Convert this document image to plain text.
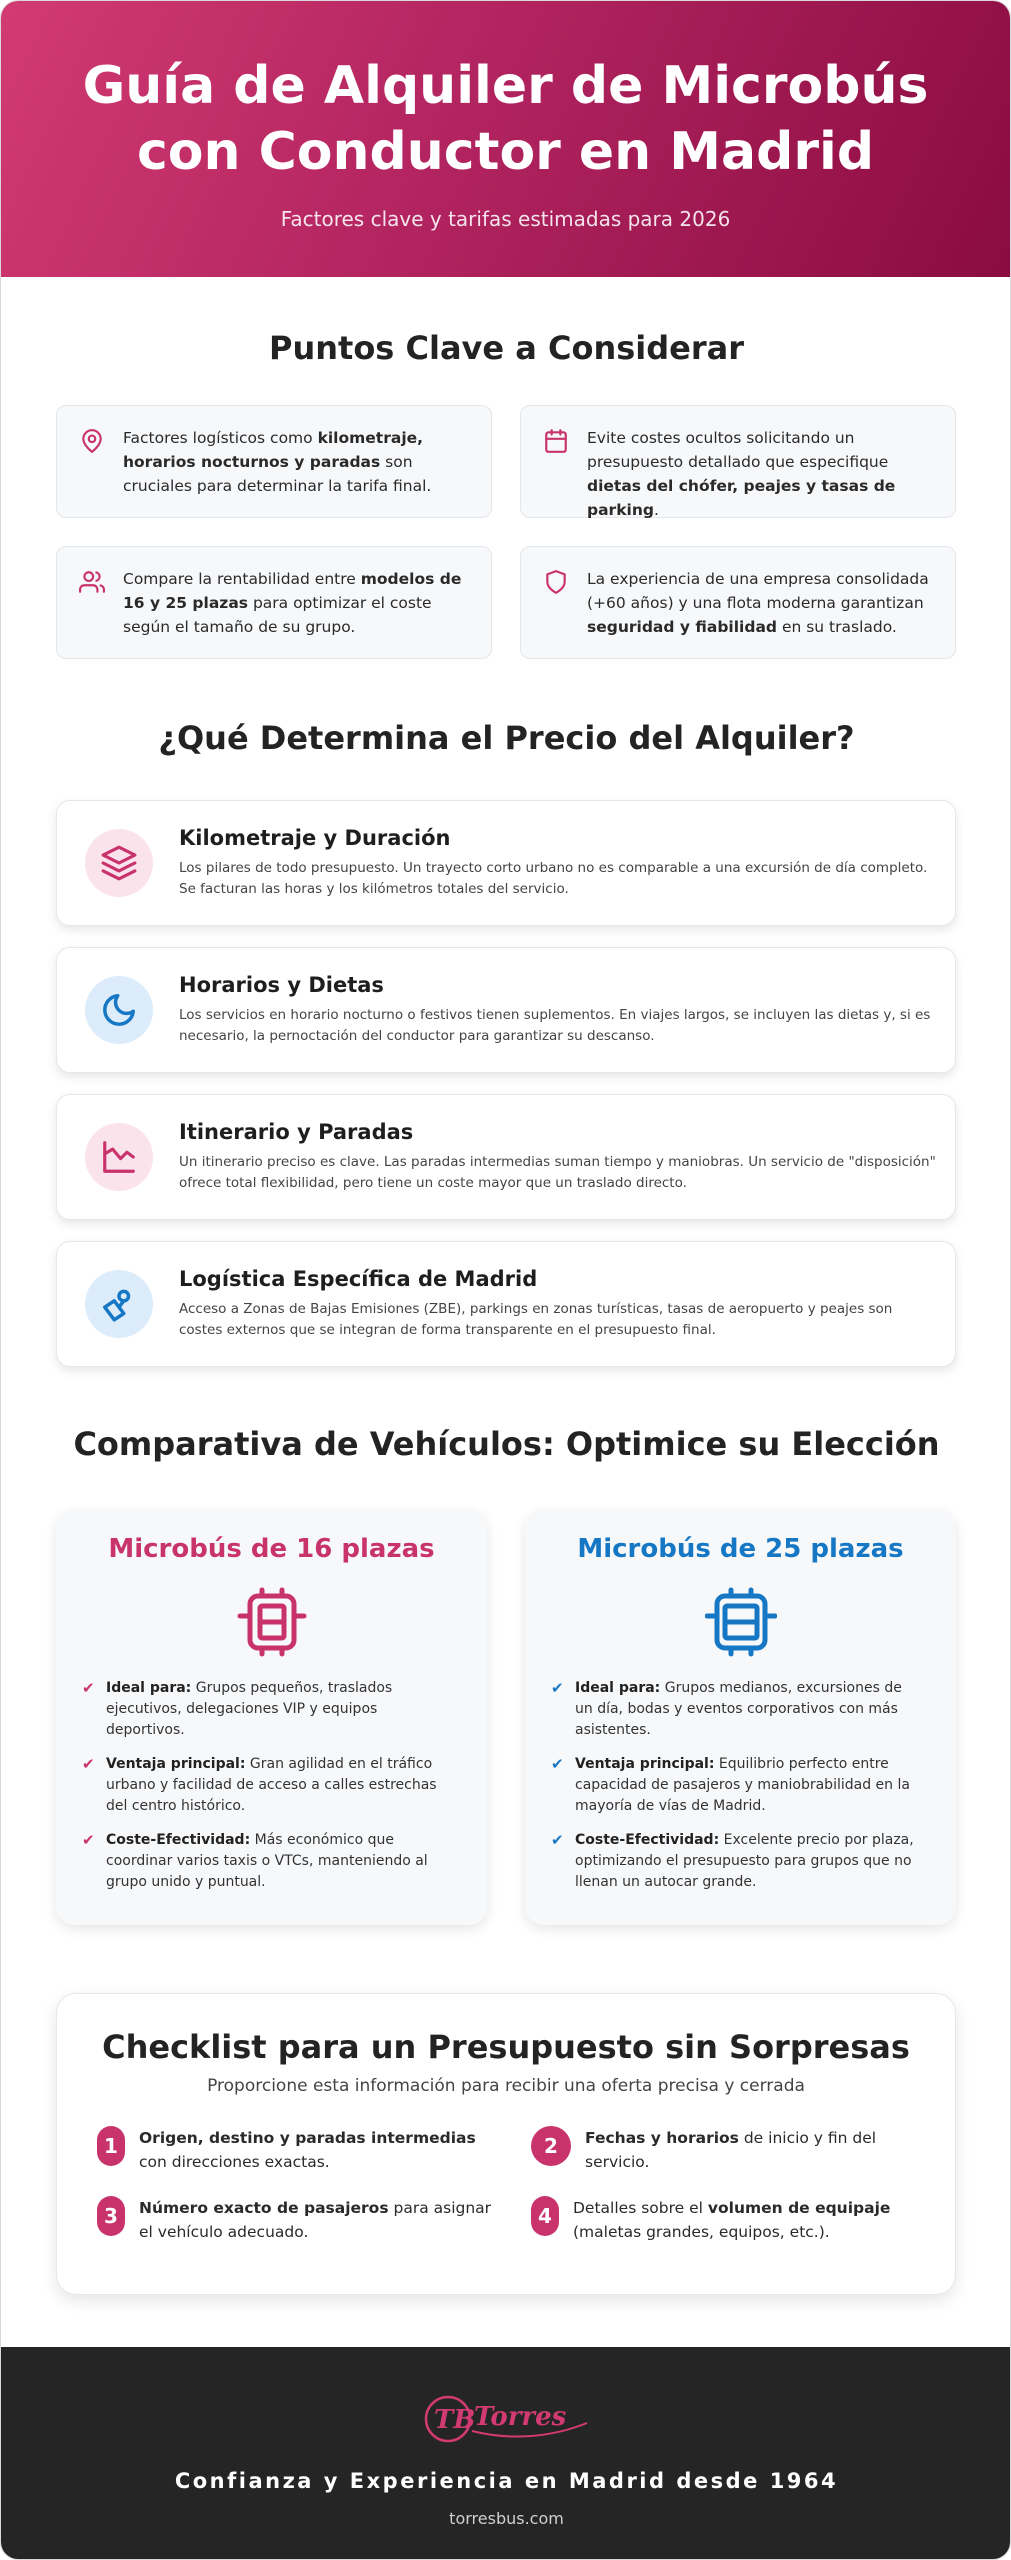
Guía de Alquiler de Microbús con Conductor en Madrid

Factores clave y tarifas estimadas para 2026

Puntos Clave a Considerar
Factores logísticos como kilometraje, horarios nocturnos y paradas son cruciales para determinar la tarifa final.
Evite costes ocultos solicitando un presupuesto detallado que especifique dietas del chófer, peajes y tasas de parking.
Compare la rentabilidad entre modelos de 16 y 25 plazas para optimizar el coste según el tamaño de su grupo.
La experiencia de una empresa consolidada (+60 años) y una flota moderna garantizan seguridad y fiabilidad en su traslado.
¿Qué Determina el Precio del Alquiler?
Kilometraje y Duración

Los pilares de todo presupuesto. Un trayecto corto urbano no es comparable a una excursión de día completo. Se facturan las horas y los kilómetros totales del servicio.

Horarios y Dietas

Los servicios en horario nocturno o festivos tienen suplementos. En viajes largos, se incluyen las dietas y, si es necesario, la pernoctación del conductor para garantizar su descanso.

Itinerario y Paradas

Un itinerario preciso es clave. Las paradas intermedias suman tiempo y maniobras. Un servicio de "disposición" ofrece total flexibilidad, pero tiene un coste mayor que un traslado directo.

Logística Específica de Madrid

Acceso a Zonas de Bajas Emisiones (ZBE), parkings en zonas turísticas, tasas de aeropuerto y peajes son costes externos que se integran de forma transparente en el presupuesto final.

Comparativa de Vehículos: Optimice su Elección
Microbús de 16 plazas
✔ Ideal para: Grupos pequeños, traslados ejecutivos, delegaciones VIP y equipos deportivos.
✔ Ventaja principal: Gran agilidad en el tráfico urbano y facilidad de acceso a calles estrechas del centro histórico.
✔ Coste-Efectividad: Más económico que coordinar varios taxis o VTCs, manteniendo al grupo unido y puntual.
Microbús de 25 plazas
✔ Ideal para: Grupos medianos, excursiones de un día, bodas y eventos corporativos con más asistentes.
✔ Ventaja principal: Equilibrio perfecto entre capacidad de pasajeros y maniobrabilidad en la mayoría de vías de Madrid.
✔ Coste-Efectividad: Excelente precio por plaza, optimizando el presupuesto para grupos que no llenan un autocar grande.
Checklist para un Presupuesto sin Sorpresas

Proporcione esta información para recibir una oferta precisa y cerrada

1	Origen, destino y paradas intermedias con direcciones exactas.
2	Fechas y horarios de inicio y fin del servicio.
3	Número exacto de pasajeros para asignar el vehículo adecuado.
4	Detalles sobre el volumen de equipaje (maletas grandes, equipos, etc.).
TB
Torres
Confianza y Experiencia en Madrid desde 1964
torresbus.com
